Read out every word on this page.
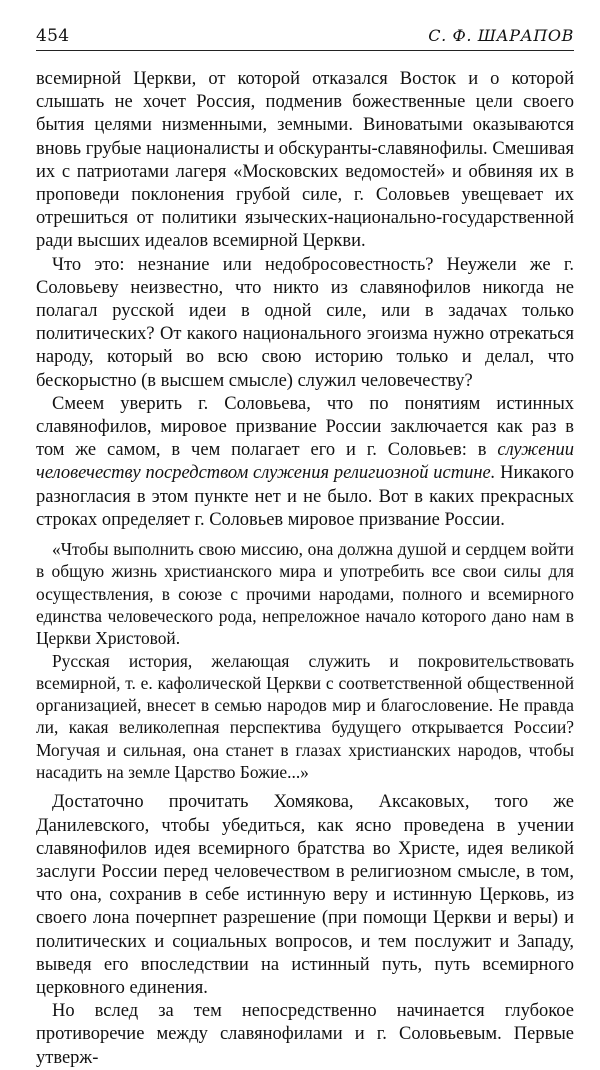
454	С. Ф. ШАРАПОВ

всемирной Церкви, от которой отказался Восток и о которой слышать не хочет Россия, подменив божественные цели своего бытия целями низменными, земными. Виноватыми оказываются вновь грубые националисты и обскуранты-славянофилы. Смешивая их с патриотами лагеря «Московских ведомостей» и обвиняя их в проповеди поклонения грубой силе, г. Соловьев увещевает их отрешиться от политики языческих-национально-государственной ради высших идеалов всемирной Церкви.

Что это: незнание или недобросовестность? Неужели же г. Соловьеву неизвестно, что никто из славянофилов никогда не полагал русской идеи в одной силе, или в задачах только политических? От какого национального эгоизма нужно отрекаться народу, который во всю свою историю только и делал, что бескорыстно (в высшем смысле) служил человечеству?

Смеем уверить г. Соловьева, что по понятиям истинных славянофилов, мировое призвание России заключается как раз в том же самом, в чем полагает его и г. Соловьев: в служении человечеству посредством служения религиозной истине. Никакого разногласия в этом пункте нет и не было. Вот в каких прекрасных строках определяет г. Соловьев мировое призвание России.

«Чтобы выполнить свою миссию, она должна душой и сердцем войти в общую жизнь христианского мира и употребить все свои силы для осуществления, в союзе с прочими народами, полного и всемирного единства человеческого рода, непреложное начало которого дано нам в Церкви Христовой.

Русская история, желающая служить и покровительствовать всемирной, т. е. кафолической Церкви с соответственной общественной организацией, внесет в семью народов мир и благословение. Не правда ли, какая великолепная перспектива будущего открывается России? Могучая и сильная, она станет в глазах христианских народов, чтобы насадить на земле Царство Божие...»

Достаточно прочитать Хомякова, Аксаковых, того же Данилевского, чтобы убедиться, как ясно проведена в учении славянофилов идея всемирного братства во Христе, идея великой заслуги России перед человечеством в религиозном смысле, в том, что она, сохранив в себе истинную веру и истинную Церковь, из своего лона почерпнет разрешение (при помощи Церкви и веры) и политических и социальных вопросов, и тем послужит и Западу, выведя его впоследствии на истинный путь, путь всемирного церковного единения.

Но вслед за тем непосредственно начинается глубокое противоречие между славянофилами и г. Соловьевым. Первые утверж-
